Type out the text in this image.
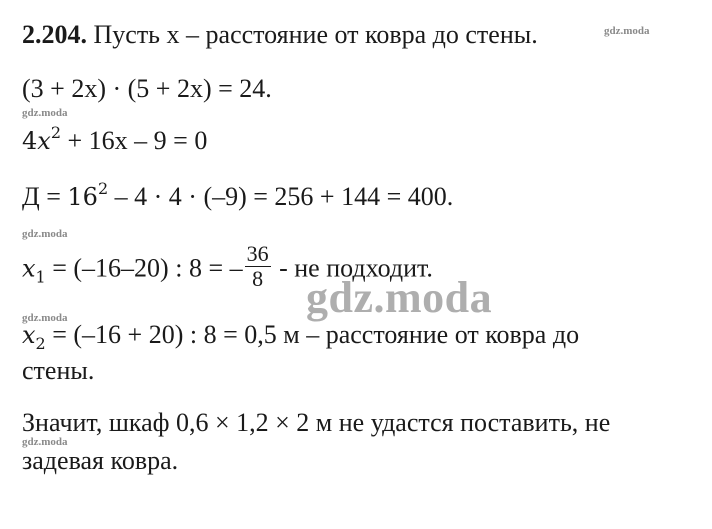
2.204. Пусть х – расстояние от ковра до стены.	gdz.moda
(3 + 2x) · (5 + 2x) = 24.
gdz.moda
$4x^2 + 16x - 9 = 0$
$Д = 16^2 - 4 \cdot 4 \cdot (-9) = 256 + 144 = 400$.
gdz.moda
$x_1 = (-16-20)$ : 8 = – $\frac{36}{8}$ - не подходит.
gdz.moda
gdz.moda
$x_2 = (-16 + 20)$ : 8 = 0,5 м – расстояние от ковра до
стены.
Значит, шкаф 0,6 × 1,2 × 2 м не удастся поставить, не
gdz.moda
задевая ковра.
